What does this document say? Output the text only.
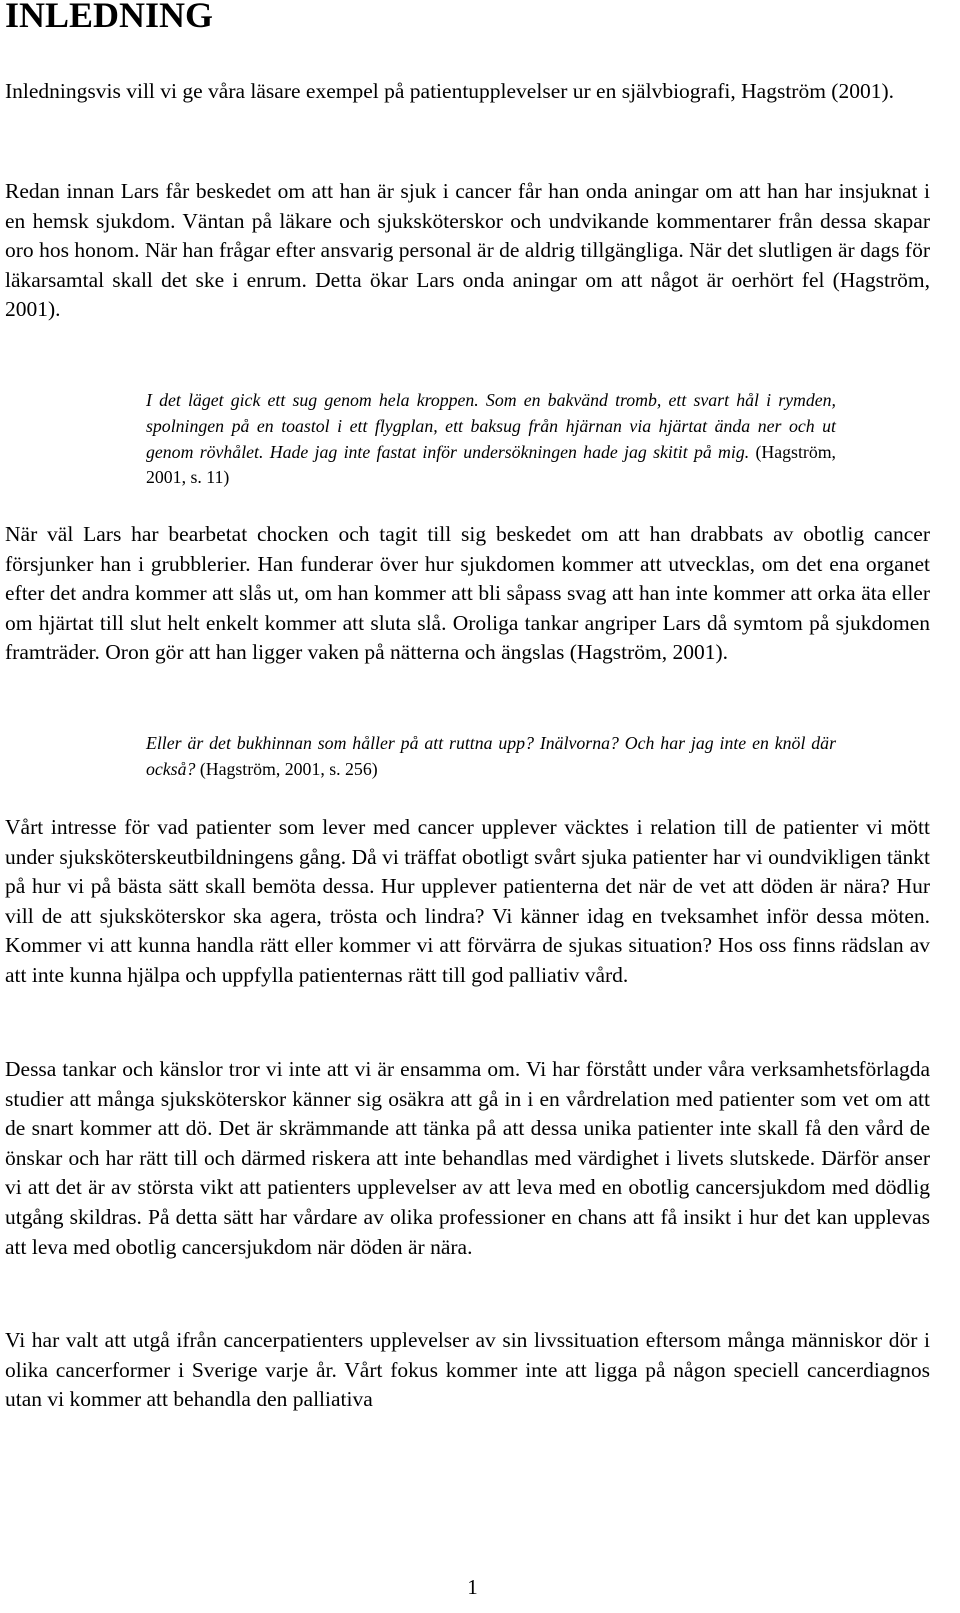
INLEDNING

Inledningsvis vill vi ge våra läsare exempel på patientupplevelser ur en självbiografi, Hagström (2001).

Redan innan Lars får beskedet om att han är sjuk i cancer får han onda aningar om att han har insjuknat i en hemsk sjukdom. Väntan på läkare och sjuksköterskor och undvikande kommentarer från dessa skapar oro hos honom. När han frågar efter ansvarig personal är de aldrig tillgängliga. När det slutligen är dags för läkarsamtal skall det ske i enrum. Detta ökar Lars onda aningar om att något är oerhört fel (Hagström, 2001).

I det läget gick ett sug genom hela kroppen. Som en bakvänd tromb, ett svart hål i rymden, spolningen på en toastol i ett flygplan, ett baksug från hjärnan via hjärtat ända ner och ut genom rövhålet. Hade jag inte fastat inför undersökningen hade jag skitit på mig. (Hagström, 2001, s. 11)

När väl Lars har bearbetat chocken och tagit till sig beskedet om att han drabbats av obotlig cancer försjunker han i grubblerier. Han funderar över hur sjukdomen kommer att utvecklas, om det ena organet efter det andra kommer att slås ut, om han kommer att bli såpass svag att han inte kommer att orka äta eller om hjärtat till slut helt enkelt kommer att sluta slå. Oroliga tankar angriper Lars då symtom på sjukdomen framträder. Oron gör att han ligger vaken på nätterna och ängslas (Hagström, 2001).

Eller är det bukhinnan som håller på att ruttna upp? Inälvorna? Och har jag inte en knöl där också? (Hagström, 2001, s. 256)

Vårt intresse för vad patienter som lever med cancer upplever väcktes i relation till de patienter vi mött under sjuksköterskeutbildningens gång. Då vi träffat obotligt svårt sjuka patienter har vi oundvikligen tänkt på hur vi på bästa sätt skall bemöta dessa. Hur upplever patienterna det när de vet att döden är nära? Hur vill de att sjuksköterskor ska agera, trösta och lindra? Vi känner idag en tveksamhet inför dessa möten. Kommer vi att kunna handla rätt eller kommer vi att förvärra de sjukas situation? Hos oss finns rädslan av att inte kunna hjälpa och uppfylla patienternas rätt till god palliativ vård.

Dessa tankar och känslor tror vi inte att vi är ensamma om. Vi har förstått under våra verksamhetsförlagda studier att många sjuksköterskor känner sig osäkra att gå in i en vårdrelation med patienter som vet om att de snart kommer att dö. Det är skrämmande att tänka på att dessa unika patienter inte skall få den vård de önskar och har rätt till och därmed riskera att inte behandlas med värdighet i livets slutskede. Därför anser vi att det är av största vikt att patienters upplevelser av att leva med en obotlig cancersjukdom med dödlig utgång skildras. På detta sätt har vårdare av olika professioner en chans att få insikt i hur det kan upplevas att leva med obotlig cancersjukdom när döden är nära.

Vi har valt att utgå ifrån cancerpatienters upplevelser av sin livssituation eftersom många människor dör i olika cancerformer i Sverige varje år. Vårt fokus kommer inte att ligga på någon speciell cancerdiagnos utan vi kommer att behandla den palliativa

1
